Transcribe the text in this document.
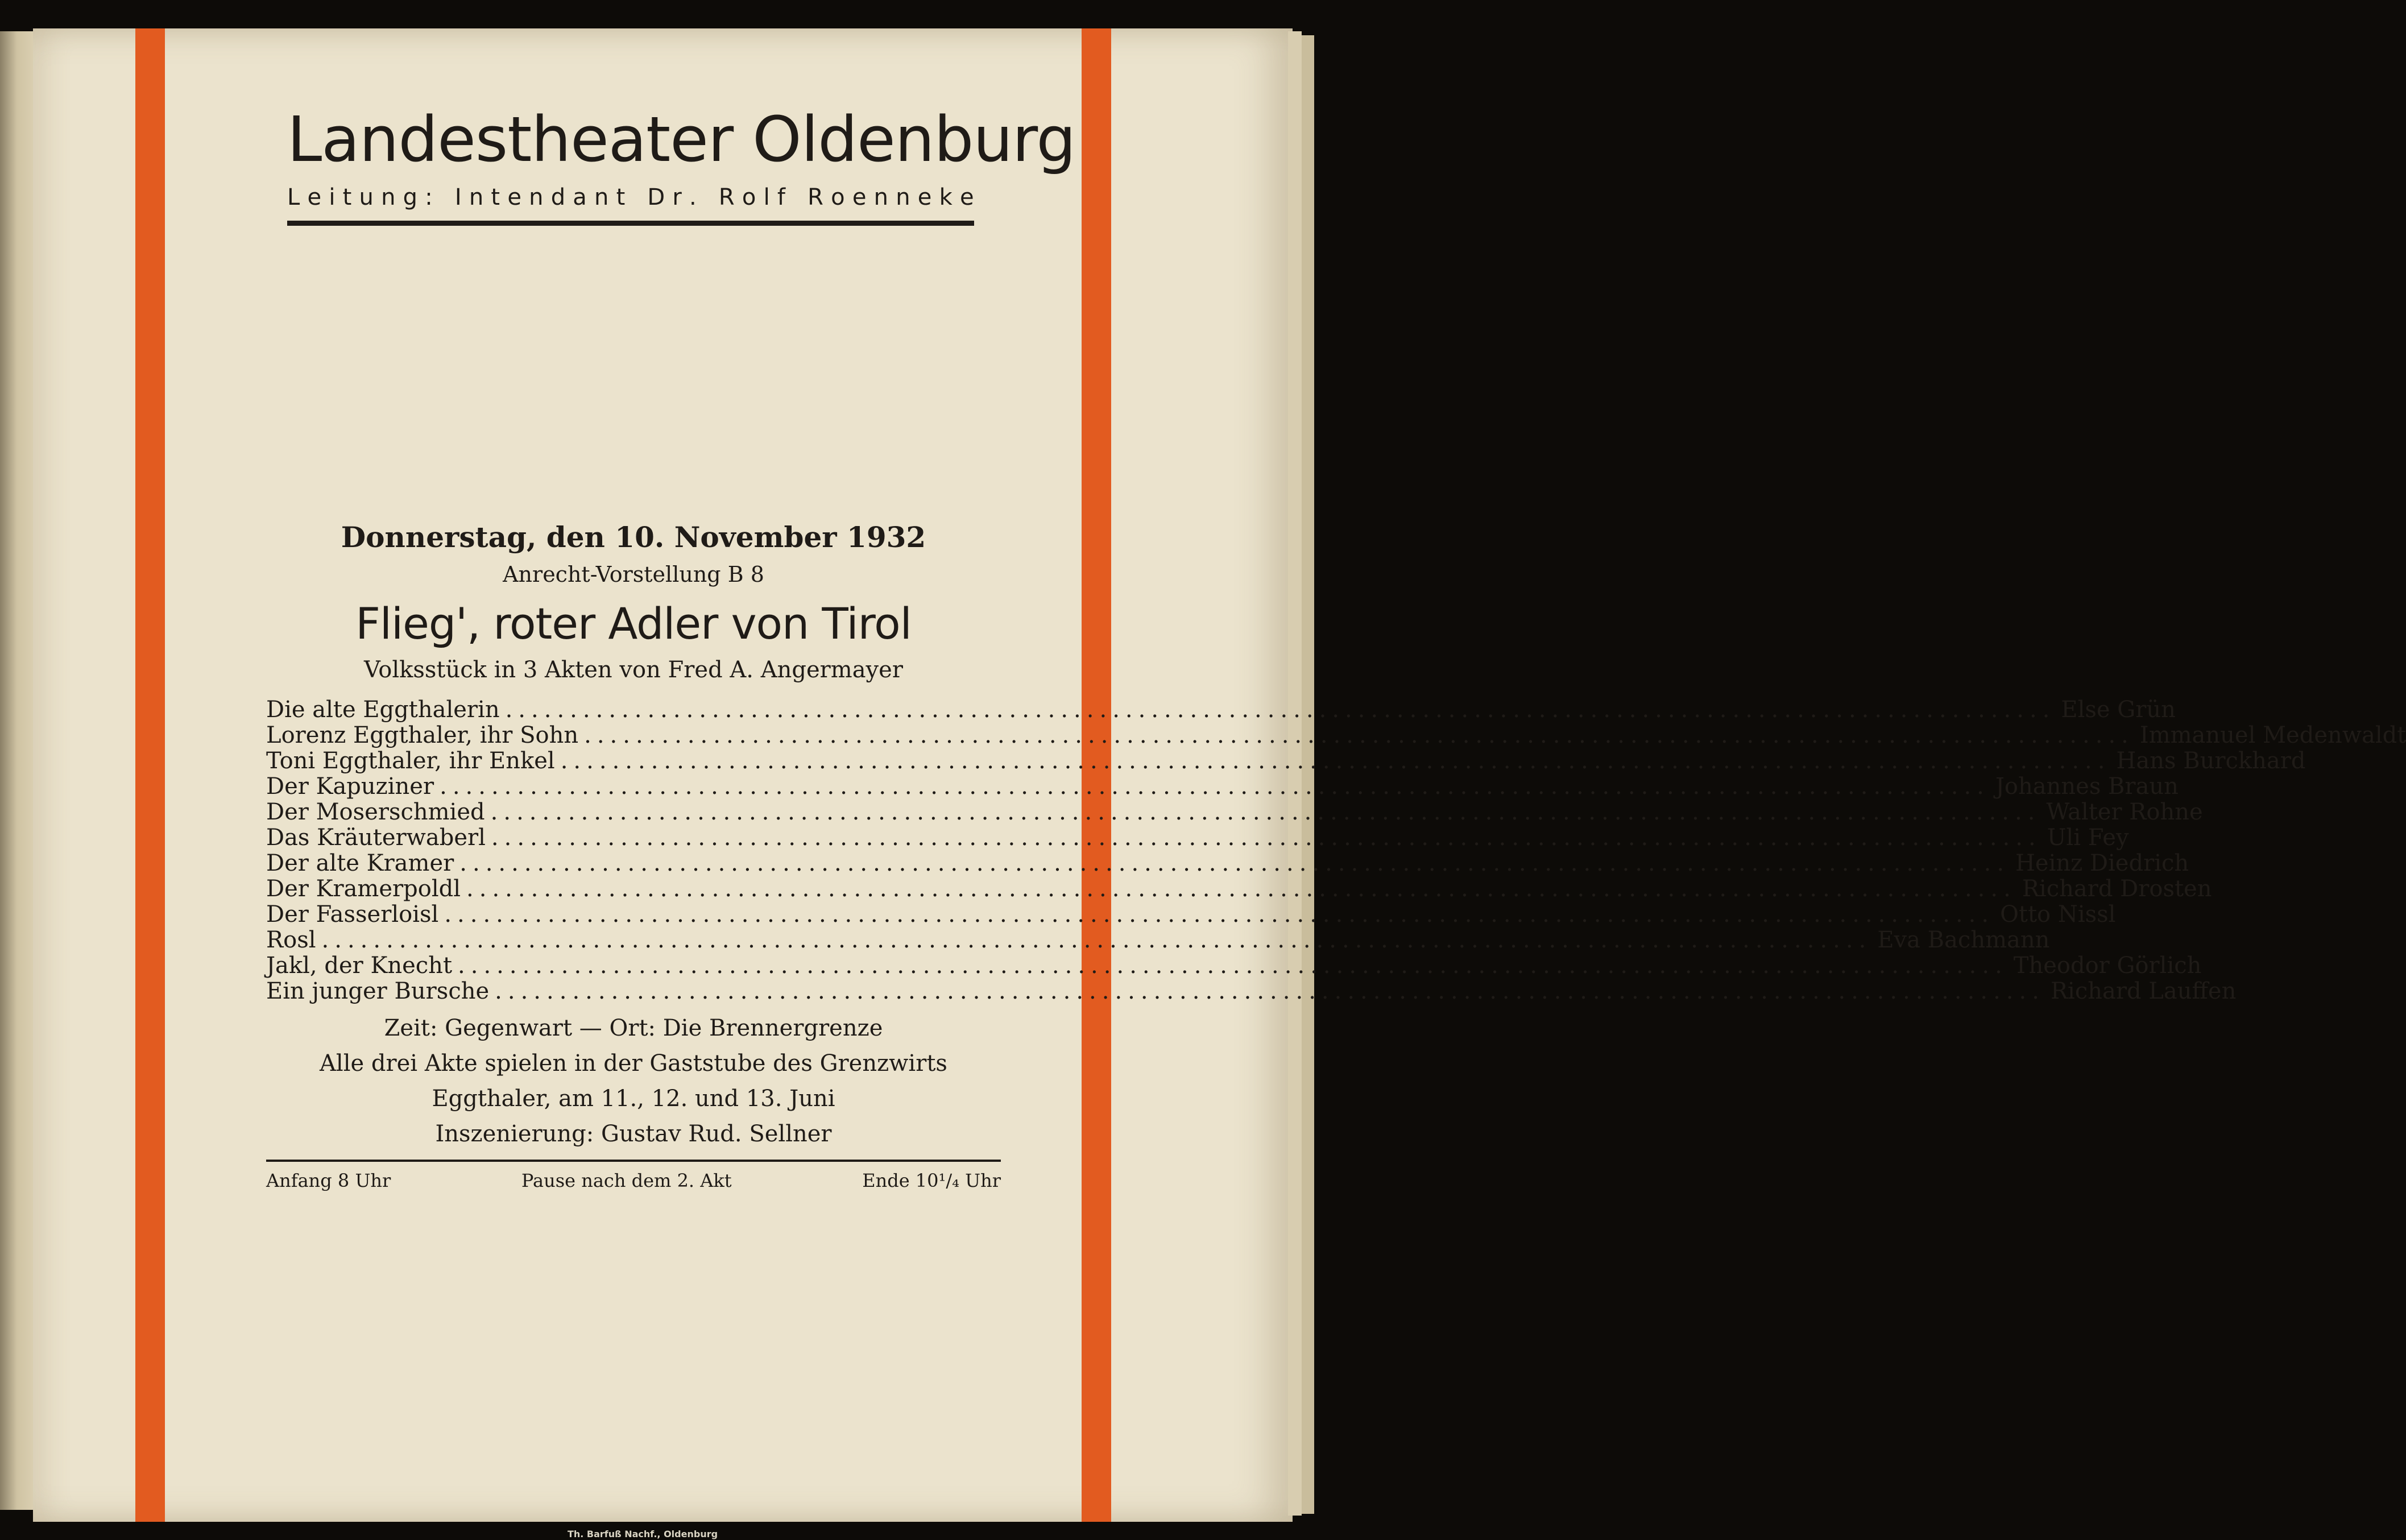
Landestheater Oldenburg
L e i t u n g :
I n t e n d a n t
D r .
R o l f
R o e n n e k e
Donnerstag, den 10. November 1932
Anrecht-Vorstellung B 8
Flieg', roter Adler von Tirol
Volksstück in 3 Akten von Fred A. Angermayer
Die alte Eggthalerin ........................................................................................................................ Else Grün
Lorenz Eggthaler, ihr Sohn ........................................................................................................................ Immanuel Medenwaldt
Toni Eggthaler, ihr Enkel ........................................................................................................................ Hans Burckhard
Der Kapuziner ........................................................................................................................ Johannes Braun
Der Moserschmied ........................................................................................................................ Walter Rohne
Das Kräuterwaberl ........................................................................................................................ Uli Fey
Der alte Kramer ........................................................................................................................ Heinz Diedrich
Der Kramerpoldl ........................................................................................................................ Richard Drosten
Der Fasserloisl ........................................................................................................................ Otto Nissl
Rosl ........................................................................................................................ Eva Bachmann
Jakl, der Knecht ........................................................................................................................ Theodor Görlich
Ein junger Bursche ........................................................................................................................ Richard Lauffen
Zeit: Gegenwart — Ort: Die Brennergrenze
Alle drei Akte spielen in der Gaststube des Grenzwirts
Eggthaler, am 11., 12. und 13. Juni
Inszenierung: Gustav Rud. Sellner
Anfang 8 Uhr	Pause nach dem 2. Akt	Ende 10¹/₄ Uhr
Th. Barfuß Nachf., Oldenburg
